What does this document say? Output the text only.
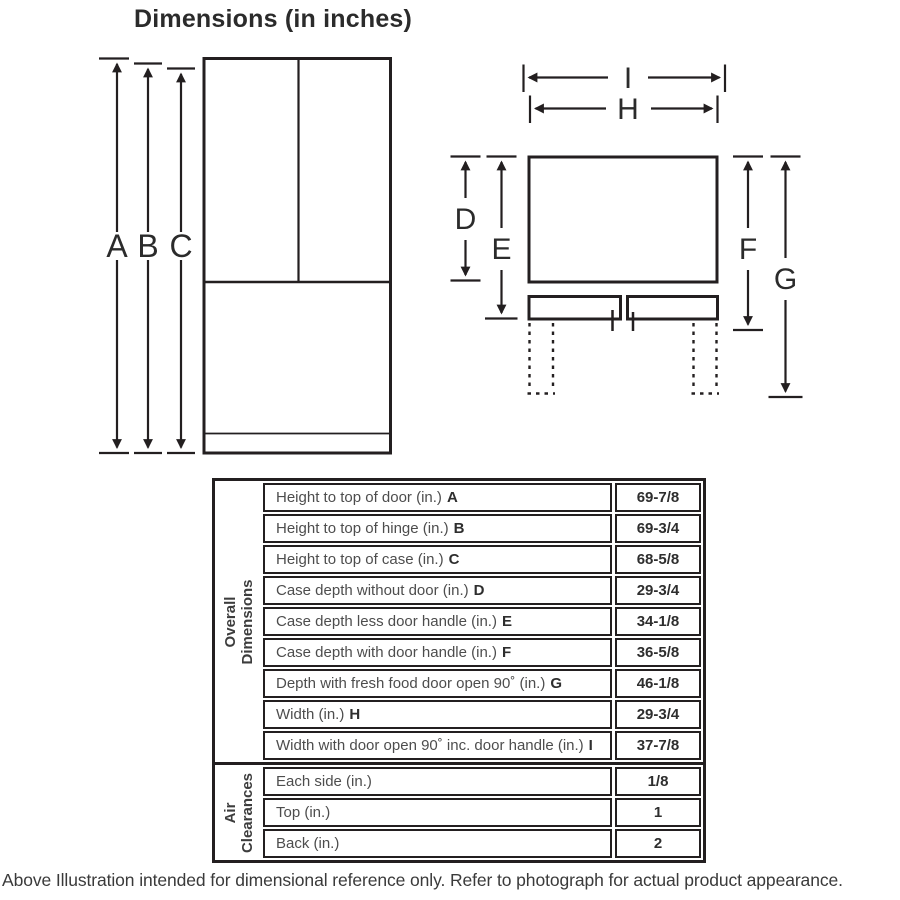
Dimensions (in inches)
A B C
I
H
D
E	F
G
Overall
Dimensions
Height to top of door (in.) A	69-7/8
Height to top of hinge (in.) B	69-3/4
Height to top of case (in.) C	68-5/8
Case depth without door (in.) D	29-3/4
Case depth less door handle (in.) E	34-1/8
Case depth with door handle (in.) F	36-5/8
Depth with fresh food door open 90˚ (in.) G	46-1/8
Width (in.) H	29-3/4
Width with door open 90˚ inc. door handle (in.) I	37-7/8
Air
Clearances Each side (in.)	1/8
Top (in.)	1
Back (in.)	2
Above Illustration intended for dimensional reference only. Refer to photograph for actual product appearance.
